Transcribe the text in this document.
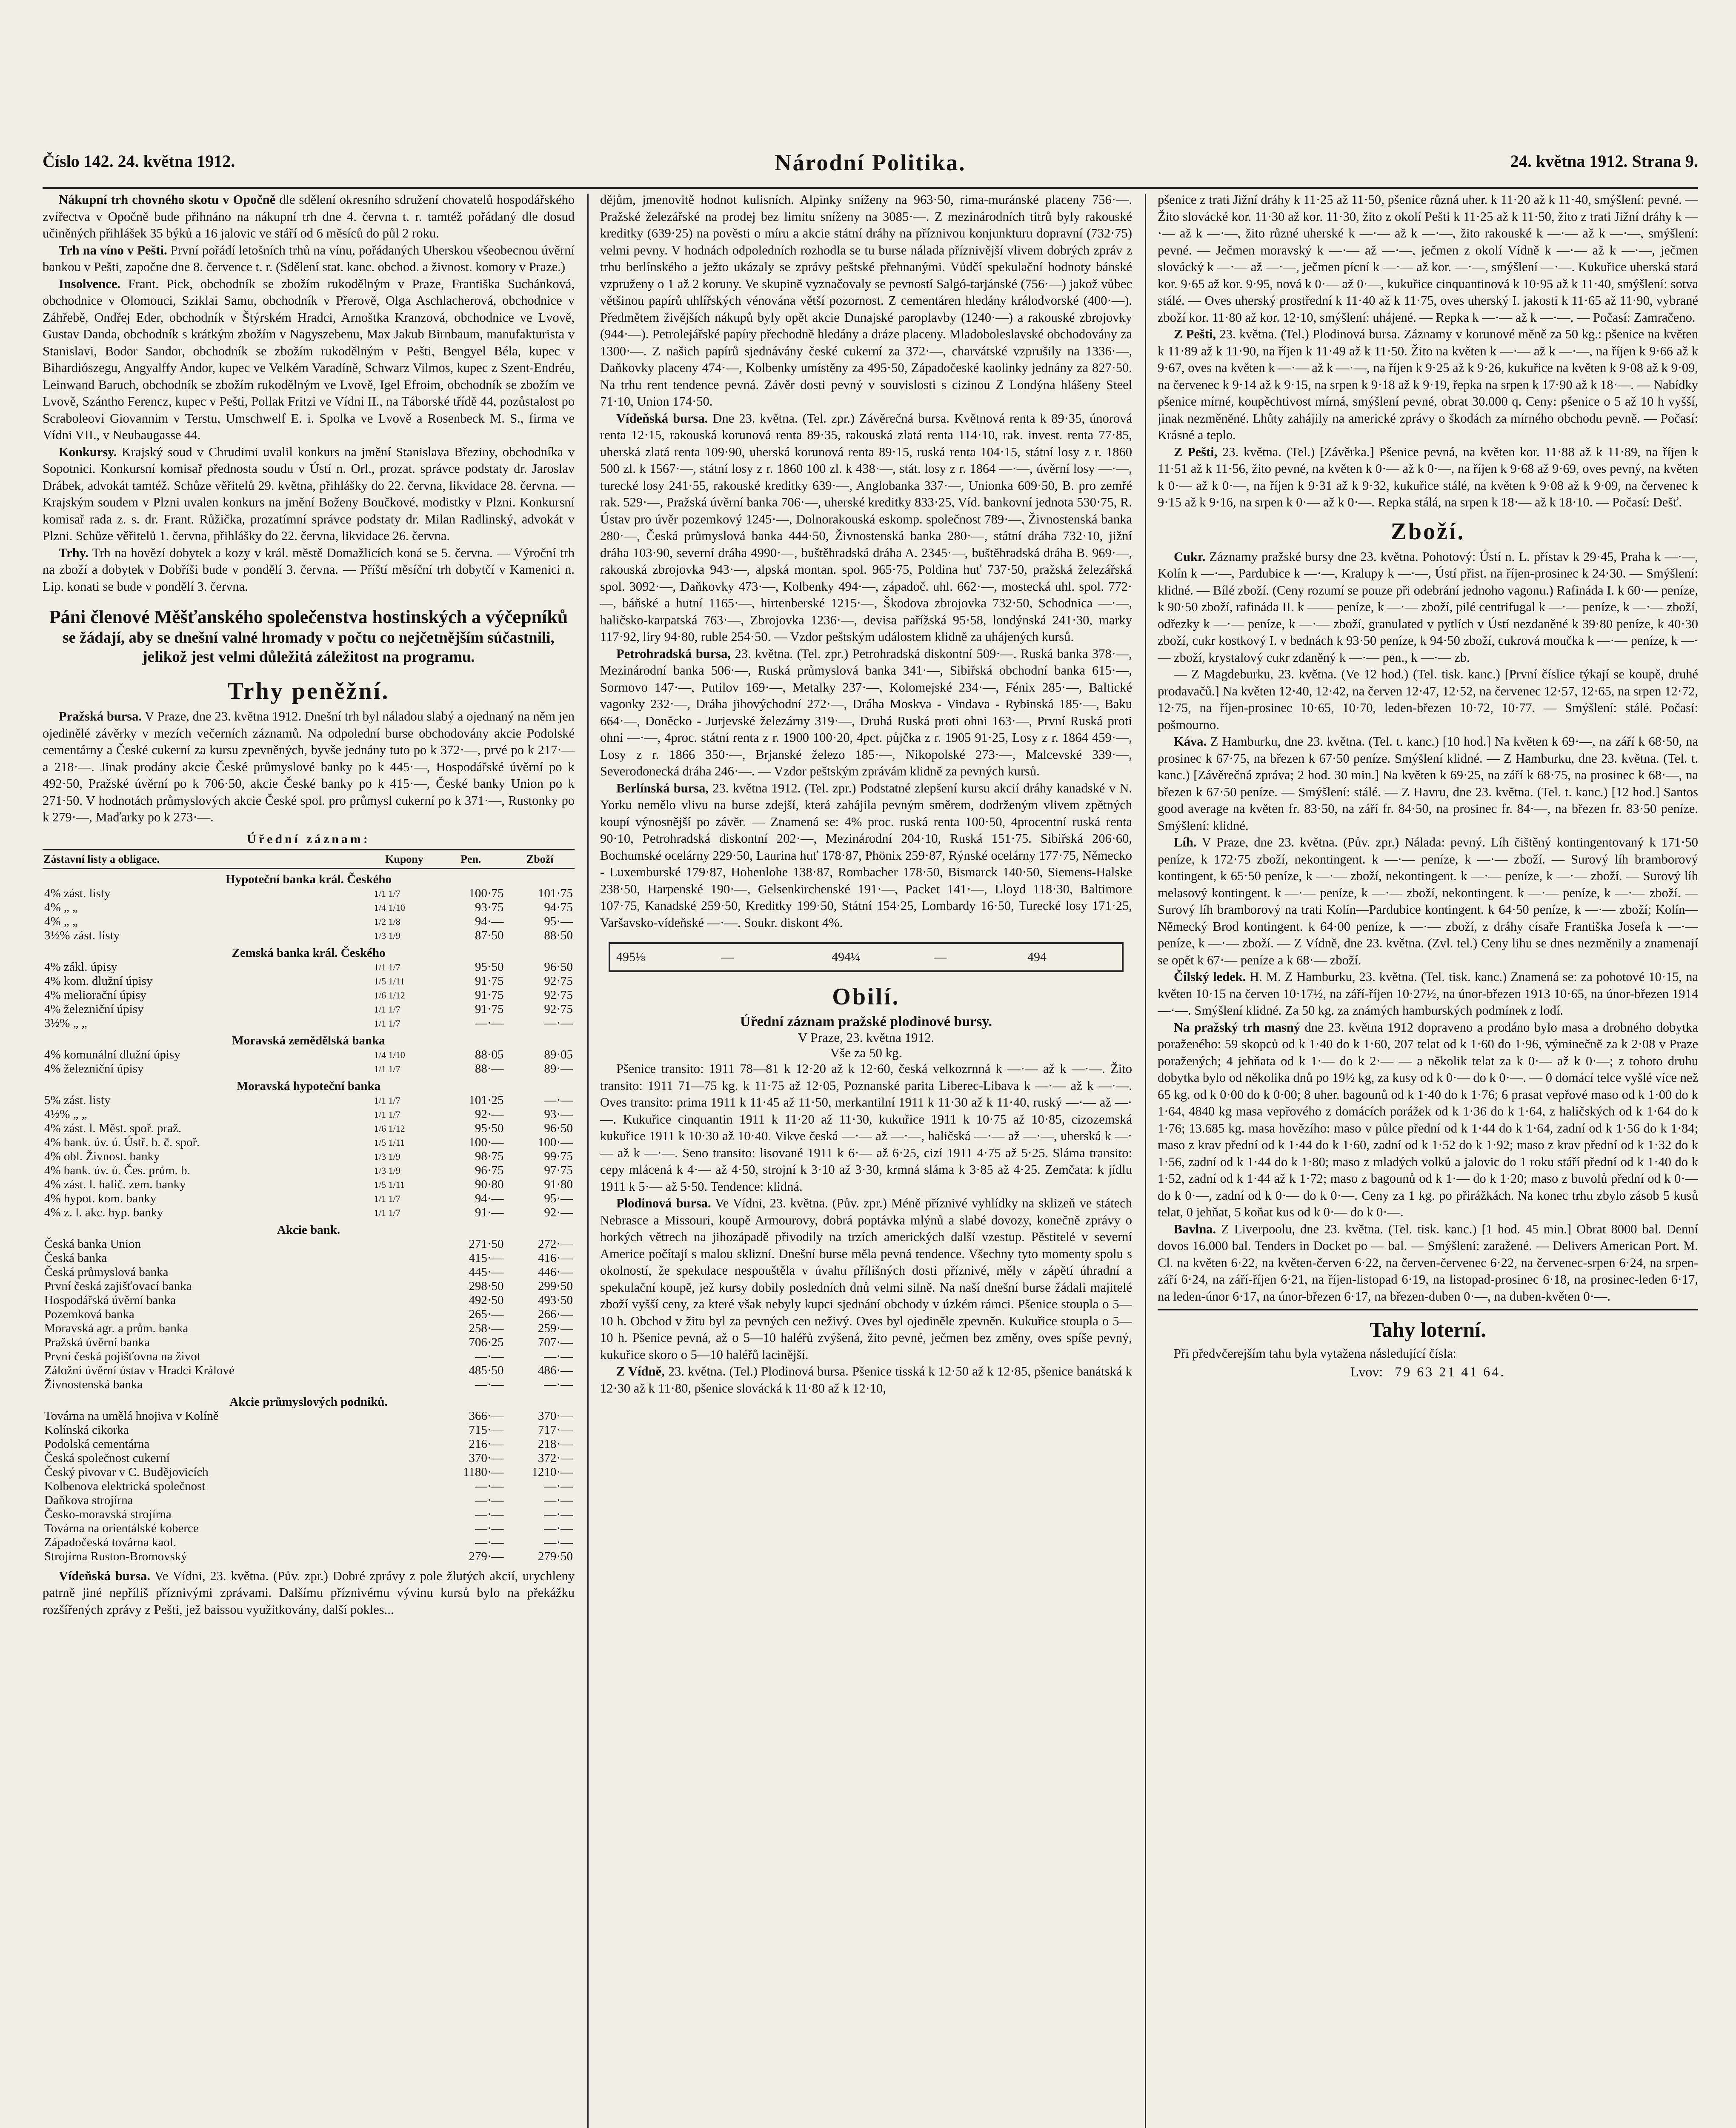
Číslo 142. 24. května 1912.	Národní Politika.	24. května 1912. Strana 9.

Nákupní trh chovného skotu v Opočně dle sdělení okresního sdružení chovatelů hospodářského zvířectva v Opočně bude přihnáno na nákupní trh dne 4. června t. r. tamtéž pořádaný dle dosud učiněných přihlášek 35 býků a 16 jalovic ve stáří od 6 měsíců do půl 2 roku.

Trh na víno v Pešti. První pořádí letošních trhů na vínu, pořádaných Uherskou všeobecnou úvěrní bankou v Pešti, započne dne 8. července t. r. (Sdělení stat. kanc. obchod. a živnost. komory v Praze.)

Insolvence. Frant. Pick, obchodník se zbožím rukodělným v Praze, Františka Suchánková, obchodnice v Olomouci, Sziklai Samu, obchodník v Přerově, Olga Aschlacherová, obchodnice v Záhřebě, Ondřej Eder, obchodník v Štýrském Hradci, Arnoštka Kranzová, obchodnice ve Lvově, Gustav Danda, obchodník s krátkým zbožím v Nagyszebenu, Max Jakub Birnbaum, manufakturista v Stanislavi, Bodor Sandor, obchodník se zbožím rukodělným v Pešti, Bengyel Béla, kupec v Bihardiószegu, Angyalffy Andor, kupec ve Velkém Varadíně, Schwarz Vilmos, kupec z Szent-Endréu, Leinwand Baruch, obchodník se zbožím rukodělným ve Lvově, Igel Efroim, obchodník se zbožím ve Lvově, Szántho Ferencz, kupec v Pešti, Pollak Fritzi ve Vídni II., na Táborské třídě 44, pozůstalost po Scraboleovi Giovannim v Terstu, Umschwelf E. i. Spolka ve Lvově a Rosenbeck M. S., firma ve Vídni VII., v Neubaugasse 44.

Konkursy. Krajský soud v Chrudimi uvalil konkurs na jmění Stanislava Březiny, obchodníka v Sopotnici. Konkursní komisař přednosta soudu v Ústí n. Orl., prozat. správce podstaty dr. Jaroslav Drábek, advokát tamtéž. Schůze věřitelů 29. května, přihlášky do 22. června, likvidace 28. června. — Krajským soudem v Plzni uvalen konkurs na jmění Boženy Boučkové, modistky v Plzni. Konkursní komisař rada z. s. dr. Frant. Růžička, prozatímní správce podstaty dr. Milan Radlinský, advokát v Plzni. Schůze věřitelů 1. června, přihlášky do 22. června, likvidace 26. června.

Trhy. Trh na hovězí dobytek a kozy v král. městě Domažlicích koná se 5. června. — Výroční trh na zboží a dobytek v Dobříši bude v pondělí 3. června. — Příští měsíční trh dobytčí v Kamenici n. Lip. konati se bude v pondělí 3. června.

Páni členové Měšťanského společenstva hostinských a výčepníků
se žádají, aby se dnešní valné hromady v počtu co nejčetnějším súčastnili, jelikož jest velmi důležitá záležitost na programu.
Trhy peněžní.

Pražská bursa. V Praze, dne 23. května 1912. Dnešní trh byl náladou slabý a ojednaný na něm jen ojedinělé závěrky v mezích večerních záznamů. Na odpolední burse obchodovány akcie Podolské cementárny a České cukerní za kursu zpevněných, byvše jednány tuto po k 372·—, prvé po k 217·— a 218·—. Jinak prodány akcie České průmyslové banky po k 445·—, Hospodářské úvěrní po k 492·50, Pražské úvěrní po k 706·50, akcie České banky po k 415·—, České banky Union po k 271·50. V hodnotách průmyslových akcie České spol. pro průmysl cukerní po k 371·—, Rustonky po k 279·—, Maďarky po k 273·—.

Úřední záznam:
Zástavní listy a obligace.	Kupony	Pen.	Zboží
Hypoteční banka král. Českého			
4% zást. listy	1/1 1/7	100·75	101·75
4% „ „	1/4 1/10	93·75	94·75
4% „ „	1/2 1/8	94·—	95·—
3½% zást. listy	1/3 1/9	87·50	88·50
Zemská banka král. Českého			
4% zákl. úpisy	1/1 1/7	95·50	96·50
4% kom. dlužní úpisy	1/5 1/11	91·75	92·75
4% meliorační úpisy	1/6 1/12	91·75	92·75
4% železniční úpisy	1/1 1/7	91·75	92·75
3½% „ „	1/1 1/7	—·—	—·—
Moravská zemědělská banka			
4% komunální dlužní úpisy	1/4 1/10	88·05	89·05
4% železniční úpisy	1/1 1/7	88·—	89·—
Moravská hypoteční banka			
5% zást. listy	1/1 1/7	101·25	—·—
4½% „ „	1/1 1/7	92·—	93·—
4% zást. l. Měst. spoř. praž.	1/6 1/12	95·50	96·50
4% bank. úv. ú. Ústř. b. č. spoř.	1/5 1/11	100·—	100·—
4% obl. Živnost. banky	1/3 1/9	98·75	99·75
4% bank. úv. ú. Čes. prům. b.	1/3 1/9	96·75	97·75
4% zást. l. halič. zem. banky	1/5 1/11	90·80	91·80
4% hypot. kom. banky	1/1 1/7	94·—	95·—
4% z. l. akc. hyp. banky	1/1 1/7	91·—	92·—
Akcie bank.			
Česká banka Union		271·50	272·—
Česká banka		415·—	416·—
Česká průmyslová banka		445·—	446·—
První česká zajišťovací banka		298·50	299·50
Hospodářská úvěrní banka		492·50	493·50
Pozemková banka		265·—	266·—
Moravská agr. a prům. banka		258·—	259·—
Pražská úvěrní banka		706·25	707·—
První česká pojišťovna na život		—·—	—·—
Záložní úvěrní ústav v Hradci Králové		485·50	486·—
Živnostenská banka		—·—	—·—
Akcie průmyslových podniků.			
Továrna na umělá hnojiva v Kolíně		366·—	370·—
Kolínská cikorka		715·—	717·—
Podolská cementárna		216·—	218·—
Česká společnost cukerní		370·—	372·—
Český pivovar v C. Budějovicích		1180·—	1210·—
Kolbenova elektrická společnost		—·—	—·—
Daňkova strojírna		—·—	—·—
Česko-moravská strojírna		—·—	—·—
Továrna na orientálské koberce		—·—	—·—
Západočeská továrna kaol.		—·—	—·—
Strojírna Ruston-Bromovský		279·—	279·50

Vídeňská bursa. Ve Vídni, 23. května. (Pův. zpr.) Dobré zprávy z pole žlutých akcií, urychleny patrně jiné nepříliš příznivými zprávami. Dalšímu příznivému vývinu kursů bylo na překážku rozšířených zprávy z Pešti, jež baissou využitkovány, další pokles...

dějům, jmenovitě hodnot kulisních. Alpinky sníženy na 963·50, rima-muránské placeny 756·—. Pražské železářské na prodej bez limitu sníženy na 3085·—. Z mezinárodních titrů byly rakouské kreditky (639·25) na pověsti o míru a akcie státní dráhy na příznivou konjunkturu dopravní (732·75) velmi pevny. V hodnách odpoledních rozhodla se tu burse nálada příznivější vlivem dobrých zpráv z trhu berlínského a ježto ukázaly se zprávy peštské přehnanými. Vůdčí spekulační hodnoty bánské vzpruženy o 1 až 2 koruny. Ve skupině vyznačovaly se pevností Salgó-tarjánské (756·—) jakož vůbec většinou papírů uhlířských vénována větší pozornost. Z cementáren hledány králodvorské (400·—). Předmětem živějších nákupů byly opět akcie Dunajské paroplavby (1240·—) a rakouské zbrojovky (944·—). Petrolejářské papíry přechodně hledány a dráze placeny. Mladoboleslavské obchodovány za 1300·—. Z našich papírů sjednávány české cukerní za 372·—, charvátské vzprušily na 1336·—, Daňkovky placeny 474·—, Kolbenky umístěny za 495·50, Západočeské kaolinky jednány za 827·50. Na trhu rent tendence pevná. Závěr dosti pevný v souvislosti s cizinou Z Londýna hlášeny Steel 71·10, Union 174·50.

Vídeňská bursa. Dne 23. května. (Tel. zpr.) Závěrečná bursa. Květnová renta k 89·35, únorová renta 12·15, rakouská korunová renta 89·35, rakouská zlatá renta 114·10, rak. invest. renta 77·85, uherská zlatá renta 109·90, uherská korunová renta 89·15, ruská renta 104·15, státní losy z r. 1860 500 zl. k 1567·—, státní losy z r. 1860 100 zl. k 438·—, stát. losy z r. 1864 —·—, úvěrní losy —·—, turecké losy 241·55, rakouské kreditky 639·—, Anglobanka 337·—, Unionka 609·50, B. pro zemřé rak. 529·—, Pražská úvěrní banka 706·—, uherské kreditky 833·25, Víd. bankovní jednota 530·75, R. Ústav pro úvěr pozemkový 1245·—, Dolnorakouská eskomp. společnost 789·—, Živnostenská banka 280·—, Česká průmyslová banka 444·50, Živnostenská banka 280·—, státní dráha 732·10, jižní dráha 103·90, severní dráha 4990·—, buštěhradská dráha A. 2345·—, buštěhradská dráha B. 969·—, rakouská zbrojovka 943·—, alpská montan. spol. 965·75, Poldina huť 737·50, pražská železářská spol. 3092·—, Daňkovky 473·—, Kolbenky 494·—, západoč. uhl. 662·—, mostecká uhl. spol. 772·—, báňské a hutní 1165·—, hirtenberské 1215·—, Škodova zbrojovka 732·50, Schodnica —·—, haličsko-karpatská 763·—, Zbrojovka 1236·—, devisa pařížská 95·58, londýnská 241·30, marky 117·92, liry 94·80, ruble 254·50. — Vzdor peštským událostem klidně za uhájených kursů.

Petrohradská bursa, 23. května. (Tel. zpr.) Petrohradská diskontní 509·—. Ruská banka 378·—, Mezinárodní banka 506·—, Ruská průmyslová banka 341·—, Sibiřská obchodní banka 615·—, Sormovo 147·—, Putilov 169·—, Metalky 237·—, Kolomejské 234·—, Fénix 285·—, Baltické vagonky 232·—, Dráha jihovýchodní 272·—, Dráha Moskva - Vindava - Rybinská 185·—, Baku 664·—, Doněcko - Jurjevské železárny 319·—, Druhá Ruská proti ohni 163·—, První Ruská proti ohni —·—, 4proc. státní renta z r. 1900 100·20, 4pct. půjčka z r. 1905 91·25, Losy z r. 1864 459·—, Losy z r. 1866 350·—, Brjanské železo 185·—, Nikopolské 273·—, Malcevské 339·—, Severodonecká dráha 246·—. — Vzdor peštským zprávám klidně za pevných kursů.

Berlínská bursa, 23. května 1912. (Tel. zpr.) Podstatné zlepšení kursu akcií dráhy kanadské v N. Yorku nemělo vlivu na burse zdejší, která zahájila pevným směrem, dodrženým vlivem zpětných koupí výnosnější po závěr. — Znamená se: 4% proc. ruská renta 100·50, 4procentní ruská renta 90·10, Petrohradská diskontní 202·—, Mezinárodní 204·10, Ruská 151·75. Sibiřská 206·60, Bochumské ocelárny 229·50, Laurina huť 178·87, Phönix 259·87, Rýnské ocelárny 177·75, Německo - Luxemburské 179·87, Hohenlohe 138·87, Rombacher 178·50, Bismarck 140·50, Siemens-Halske 238·50, Harpenské 190·—, Gelsenkirchenské 191·—, Packet 141·—, Lloyd 118·30, Baltimore 107·75, Kanadské 259·50, Kreditky 199·50, Státní 154·25, Lombardy 16·50, Turecké losy 171·25, Varšavsko-vídeňské —·—. Soukr. diskont 4%.

495⅛	—	494¼	—	494
Obilí.
Úřední záznam pražské plodinové bursy.
V Praze, 23. května 1912.
Vše za 50 kg.

Pšenice transito: 1911 78—81 k 12·20 až k 12·60, česká velkozrnná k —·— až k —·—. Žito transito: 1911 71—75 kg. k 11·75 až 12·05, Poznanské parita Liberec-Libava k —·— až k —·—. Oves transito: prima 1911 k 11·45 až 11·50, merkantilní 1911 k 11·30 až k 11·40, ruský —·— až —·—. Kukuřice cinquantin 1911 k 11·20 až 11·30, kukuřice 1911 k 10·75 až 10·85, cizozemská kukuřice 1911 k 10·30 až 10·40. Vikve česká —·— až —·—, haličská —·— až —·—, uherská k —·— až k —·—. Seno transito: lisované 1911 k 6·— až 6·25, cizí 1911 4·75 až 5·25. Sláma transito: cepy mlácená k 4·— až 4·50, strojní k 3·10 až 3·30, krmná sláma k 3·85 až 4·25. Zemčata: k jídlu 1911 k 5·— až 5·50. Tendence: klidná.

Plodinová bursa. Ve Vídni, 23. května. (Pův. zpr.) Méně příznivé vyhlídky na sklizeň ve státech Nebrasce a Missouri, koupě Armourovy, dobrá poptávka mlýnů a slabé dovozy, konečně zprávy o horkých větrech na jihozápadě přivodily na trzích amerických další vzestup. Pěstitelé v severní Americe počítají s malou sklizní. Dnešní burse měla pevná tendence. Všechny tyto momenty spolu s okolností, že spekulace nespouštěla v úvahu přílišných dosti příznivé, měly v zápětí úhradní a spekulační koupě, jež kursy dobily posledních dnů velmi silně. Na naší dnešní burse žádali majitelé zboží vyšší ceny, za které však nebyly kupci sjednání obchody v úzkém rámci. Pšenice stoupla o 5—10 h. Obchod v žitu byl za pevných cen neživý. Oves byl ojediněle zpevněn. Kukuřice stoupla o 5—10 h. Pšenice pevná, až o 5—10 haléřů zvýšená, žito pevné, ječmen bez změny, oves spíše pevný, kukuřice skoro o 5—10 haléřů lacinější.

Z Vídně, 23. května. (Tel.) Plodinová bursa. Pšenice tisská k 12·50 až k 12·85, pšenice banátská k 12·30 až k 11·80, pšenice slovácká k 11·80 až k 12·10,

pšenice z trati Jižní dráhy k 11·25 až 11·50, pšenice různá uher. k 11·20 až k 11·40, smýšlení: pevné. — Žito slovácké kor. 11·30 až kor. 11·30, žito z okolí Pešti k 11·25 až k 11·50, žito z trati Jižní dráhy k —·— až k —·—, žito různé uherské k —·— až k —·—, žito rakouské k —·— až k —·—, smýšlení: pevné. — Ječmen moravský k —·— až —·—, ječmen z okolí Vídně k —·— až k —·—, ječmen slovácký k —·— až —·—, ječmen pícní k —·— až kor. —·—, smýšlení —·—. Kukuřice uherská stará kor. 9·65 až kor. 9·95, nová k 0·— až 0·—, kukuřice cinquantinová k 10·95 až k 11·40, smýšlení: sotva stálé. — Oves uherský prostřední k 11·40 až k 11·75, oves uherský I. jakosti k 11·65 až 11·90, vybrané zboží kor. 11·80 až kor. 12·10, smýšlení: uhájené. — Repka k —·— až k —·—. — Počasí: Zamračeno.

Z Pešti, 23. května. (Tel.) Plodinová bursa. Záznamy v korunové měně za 50 kg.: pšenice na květen k 11·89 až k 11·90, na říjen k 11·49 až k 11·50. Žito na květen k —·— až k —·—, na říjen k 9·66 až k 9·67, oves na květen k —·— až k —·—, na říjen k 9·25 až k 9·26, kukuřice na květen k 9·08 až k 9·09, na červenec k 9·14 až k 9·15, na srpen k 9·18 až k 9·19, řepka na srpen k 17·90 až k 18·—. — Nabídky pšenice mírné, koupěchtivost mírná, smýšlení pevné, obrat 30.000 q. Ceny: pšenice o 5 až 10 h vyšší, jinak nezměněné. Lhůty zahájily na americké zprávy o škodách za mírného obchodu pevně. — Počasí: Krásné a teplo.

Z Pešti, 23. května. (Tel.) [Závěrka.] Pšenice pevná, na květen kor. 11·88 až k 11·89, na říjen k 11·51 až k 11·56, žito pevné, na květen k 0·— až k 0·—, na říjen k 9·68 až 9·69, oves pevný, na květen k 0·— až k 0·—, na říjen k 9·31 až k 9·32, kukuřice stálé, na květen k 9·08 až k 9·09, na červenec k 9·15 až k 9·16, na srpen k 0·— až k 0·—. Repka stálá, na srpen k 18·— až k 18·10. — Počasí: Dešť.

Zboží.

Cukr. Záznamy pražské bursy dne 23. května. Pohotový: Ústí n. L. přístav k 29·45, Praha k —·—, Kolín k —·—, Pardubice k —·—, Kralupy k —·—, Ústí přist. na říjen-prosinec k 24·30. — Smýšlení: klidné. — Bílé zboží. (Ceny rozumí se pouze při odebrání jednoho vagonu.) Rafináda I. k 60·— peníze, k 90·50 zboží, rafináda II. k —— peníze, k —·— zboží, pilé centrifugal k —·— peníze, k —·— zboží, odřezky k —·— peníze, k —·— zboží, granulated v pytlích v Ústí nezdaněné k 39·80 peníze, k 40·30 zboží, cukr kostkový I. v bednách k 93·50 peníze, k 94·50 zboží, cukrová moučka k —·— peníze, k —·— zboží, krystalový cukr zdaněný k —·— pen., k —·— zb.

— Z Magdeburku, 23. května. (Ve 12 hod.) (Tel. tisk. kanc.) [První číslice týkají se koupě, druhé prodavačů.] Na květen 12·40, 12·42, na červen 12·47, 12·52, na červenec 12·57, 12·65, na srpen 12·72, 12·75, na říjen-prosinec 10·65, 10·70, leden-březen 10·72, 10·77. — Smýšlení: stálé. Počasí: pošmourno.

Káva. Z Hamburku, dne 23. května. (Tel. t. kanc.) [10 hod.] Na květen k 69·—, na září k 68·50, na prosinec k 67·75, na březen k 67·50 peníze. Smýšlení klidné. — Z Hamburku, dne 23. května. (Tel. t. kanc.) [Závěrečná zpráva; 2 hod. 30 min.] Na květen k 69·25, na září k 68·75, na prosinec k 68·—, na březen k 67·50 peníze. — Smýšlení: stálé. — Z Havru, dne 23. května. (Tel. t. kanc.) [12 hod.] Santos good average na květen fr. 83·50, na září fr. 84·50, na prosinec fr. 84·—, na březen fr. 83·50 peníze. Smýšlení: klidné.

Líh. V Praze, dne 23. května. (Pův. zpr.) Nálada: pevný. Líh čištěný kontingentovaný k 171·50 peníze, k 172·75 zboží, nekontingent. k —·— peníze, k —·— zboží. — Surový líh bramborový kontingent, k 65·50 peníze, k —·— zboží, nekontingent. k —·— peníze, k —·— zboží. — Surový líh melasový kontingent. k —·— peníze, k —·— zboží, nekontingent. k —·— peníze, k —·— zboží. — Surový líh bramborový na trati Kolín—Pardubice kontingent. k 64·50 peníze, k —·— zboží; Kolín—Německý Brod kontingent. k 64·00 peníze, k —·— zboží, z dráhy císaře Františka Josefa k —·— peníze, k —·— zboží. — Z Vídně, dne 23. května. (Zvl. tel.) Ceny lihu se dnes nezměnily a znamenají se opět k 67·— peníze a k 68·— zboží.

Čilský ledek. H. M. Z Hamburku, 23. května. (Tel. tisk. kanc.) Znamená se: za pohotové 10·15, na květen 10·15 na červen 10·17½, na září-říjen 10·27½, na únor-březen 1913 10·65, na únor-březen 1914 —·—. Smýšlení klidné. Za 50 kg. za známých hamburských podmínek z lodí.

Na pražský trh masný dne 23. května 1912 dopraveno a prodáno bylo masa a drobného dobytka poraženého: 59 skopců od k 1·40 do k 1·60, 207 telat od k 1·60 do 1·96, výminečně za k 2·08 v Praze poražených; 4 jehňata od k 1·— do k 2·— — a několik telat za k 0·— až k 0·—; z tohoto druhu dobytka bylo od několika dnů po 19½ kg, za kusy od k 0·— do k 0·—. — 0 domácí telce vyšlé více než 65 kg. od k 0·00 do k 0·00; 8 uher. bagounů od k 1·40 do k 1·76; 6 prasat vepřové maso od k 1·00 do k 1·64, 4840 kg masa vepřového z domácích porážek od k 1·36 do k 1·64, z haličských od k 1·64 do k 1·76; 13.685 kg. masa hovězího: maso v půlce přední od k 1·44 do k 1·64, zadní od k 1·56 do k 1·84; maso z krav přední od k 1·44 do k 1·60, zadní od k 1·52 do k 1·92; maso z krav přední od k 1·32 do k 1·56, zadní od k 1·44 do k 1·80; maso z mladých volků a jalovic do 1 roku stáří přední od k 1·40 do k 1·52, zadní od k 1·44 až k 1·72; maso z bagounů od k 1·— do k 1·20; maso z buvolů přední od k 0·— do k 0·—, zadní od k 0·— do k 0·—. Ceny za 1 kg. po přirážkách. Na konec trhu zbylo zásob 5 kusů telat, 0 jehňat, 5 koňat kus od k 0·— do k 0·—.

Bavlna. Z Liverpoolu, dne 23. května. (Tel. tisk. kanc.) [1 hod. 45 min.] Obrat 8000 bal. Denní dovos 16.000 bal. Tenders in Docket po — bal. — Smýšlení: zaražené. — Delivers American Port. M. Cl. na květen 6·22, na květen-červen 6·22, na červen-červenec 6·22, na červenec-srpen 6·24, na srpen-září 6·24, na září-říjen 6·21, na říjen-listopad 6·19, na listopad-prosinec 6·18, na prosinec-leden 6·17, na leden-únor 6·17, na únor-březen 6·17, na březen-duben 0·—, na duben-květen 0·—.

Tahy loterní.

Při předvčerejším tahu byla vytažena následující čísla:

Lvov: 79 63 21 41 64.
